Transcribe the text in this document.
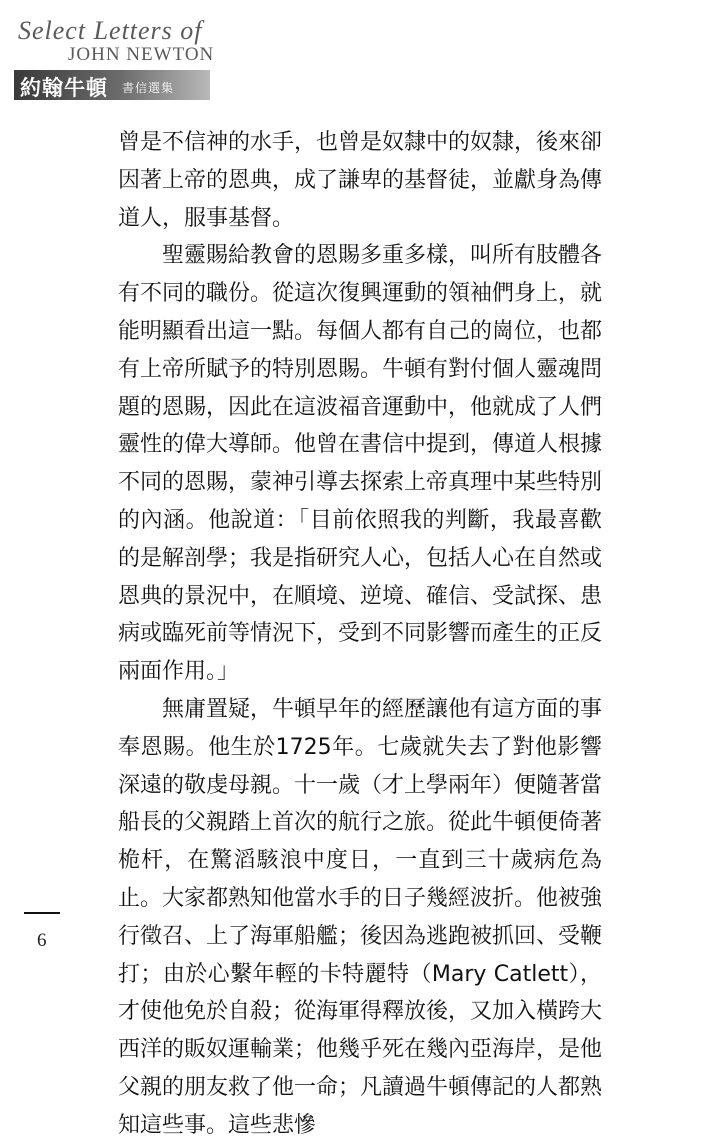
Select Letters of
JOHN NEWTON
約翰牛頓 書信選集

曾是不信神的水手，也曾是奴隸中的奴隸，後來卻因著上帝的恩典，成了謙卑的基督徒，並獻身為傳道人，服事基督。

聖靈賜給教會的恩賜多重多樣，叫所有肢體各有不同的職份。從這次復興運動的領袖們身上，就能明顯看出這一點。每個人都有自己的崗位，也都有上帝所賦予的特別恩賜。牛頓有對付個人靈魂問題的恩賜，因此在這波福音運動中，他就成了人們靈性的偉大導師。他曾在書信中提到，傳道人根據不同的恩賜，蒙神引導去探索上帝真理中某些特別的內涵。他說道：「目前依照我的判斷，我最喜歡的是解剖學；我是指研究人心，包括人心在自然或恩典的景況中，在順境、逆境、確信、受試探、患病或臨死前等情況下，受到不同影響而產生的正反兩面作用。」

無庸置疑，牛頓早年的經歷讓他有這方面的事奉恩賜。他生於1725年。七歲就失去了對他影響深遠的敬虔母親。十一歲（才上學兩年）便隨著當船長的父親踏上首次的航行之旅。從此牛頓便倚著桅杆，在驚滔駭浪中度日，一直到三十歲病危為止。大家都熟知他當水手的日子幾經波折。他被強行徵召、上了海軍船艦；後因為逃跑被抓回、受鞭打；由於心繫年輕的卡特麗特（Mary Catlett），才使他免於自殺；從海軍得釋放後，又加入橫跨大西洋的販奴運輸業；他幾乎死在幾內亞海岸，是他父親的朋友救了他一命；凡讀過牛頓傳記的人都熟知這些事。這些悲慘

6
